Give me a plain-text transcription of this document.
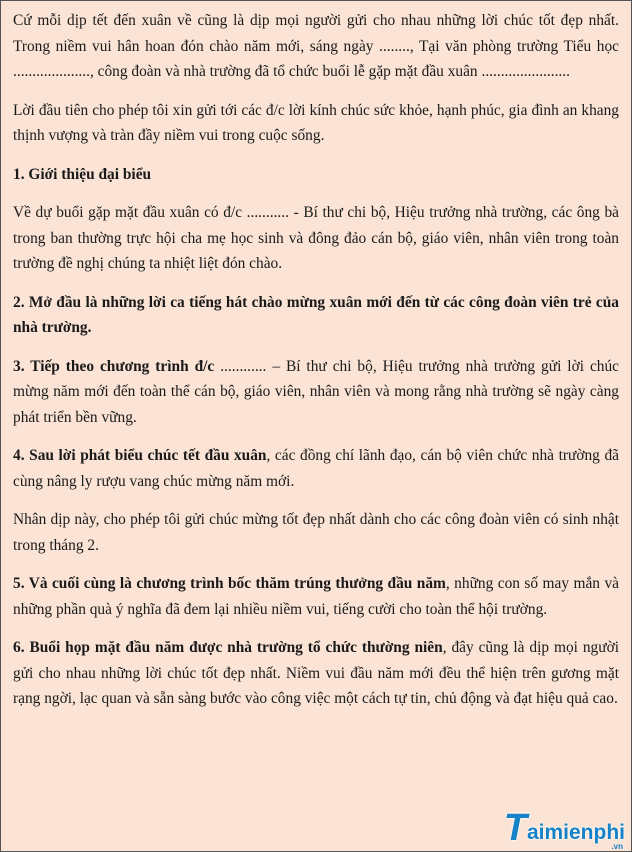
Cứ mỗi dịp tết đến xuân về cũng là dịp mọi người gửi cho nhau những lời chúc tốt đẹp nhất. Trong niềm vui hân hoan đón chào năm mới, sáng ngày ........, Tại văn phòng trường Tiểu học ...................., công đoàn và nhà trường đã tổ chức buổi lễ gặp mặt đầu xuân .......................

Lời đầu tiên cho phép tôi xin gửi tới các đ/c lời kính chúc sức khỏe, hạnh phúc, gia đình an khang thịnh vượng và tràn đầy niềm vui trong cuộc sống.

1. Giới thiệu đại biểu

Về dự buổi gặp mặt đầu xuân có đ/c ........... - Bí thư chi bộ, Hiệu trưởng nhà trường, các ông bà trong ban thường trực hội cha mẹ học sinh và đông đảo cán bộ, giáo viên, nhân viên trong toàn trường đề nghị chúng ta nhiệt liệt đón chào.

2. Mở đầu là những lời ca tiếng hát chào mừng xuân mới đến từ các công đoàn viên trẻ của nhà trường.

3. Tiếp theo chương trình đ/c ............ – Bí thư chi bộ, Hiệu trưởng nhà trường gửi lời chúc mừng năm mới đến toàn thể cán bộ, giáo viên, nhân viên và mong rằng nhà trường sẽ ngày càng phát triển bền vững.

4. Sau lời phát biểu chúc tết đầu xuân, các đồng chí lãnh đạo, cán bộ viên chức nhà trường đã cùng nâng ly rượu vang chúc mừng năm mới.

Nhân dịp này, cho phép tôi gửi chúc mừng tốt đẹp nhất dành cho các công đoàn viên có sinh nhật trong tháng 2.

5. Và cuối cùng là chương trình bốc thăm trúng thưởng đầu năm, những con số may mắn và những phần quà ý nghĩa đã đem lại nhiều niềm vui, tiếng cười cho toàn thể hội trường.

6. Buổi họp mặt đầu năm được nhà trường tổ chức thường niên, đây cũng là dịp mọi người gửi cho nhau những lời chúc tốt đẹp nhất. Niềm vui đầu năm mới đều thể hiện trên gương mặt rạng ngời, lạc quan và sẵn sàng bước vào công việc một cách tự tin, chủ động và đạt hiệu quả cao.

T aimienphi
.vn
